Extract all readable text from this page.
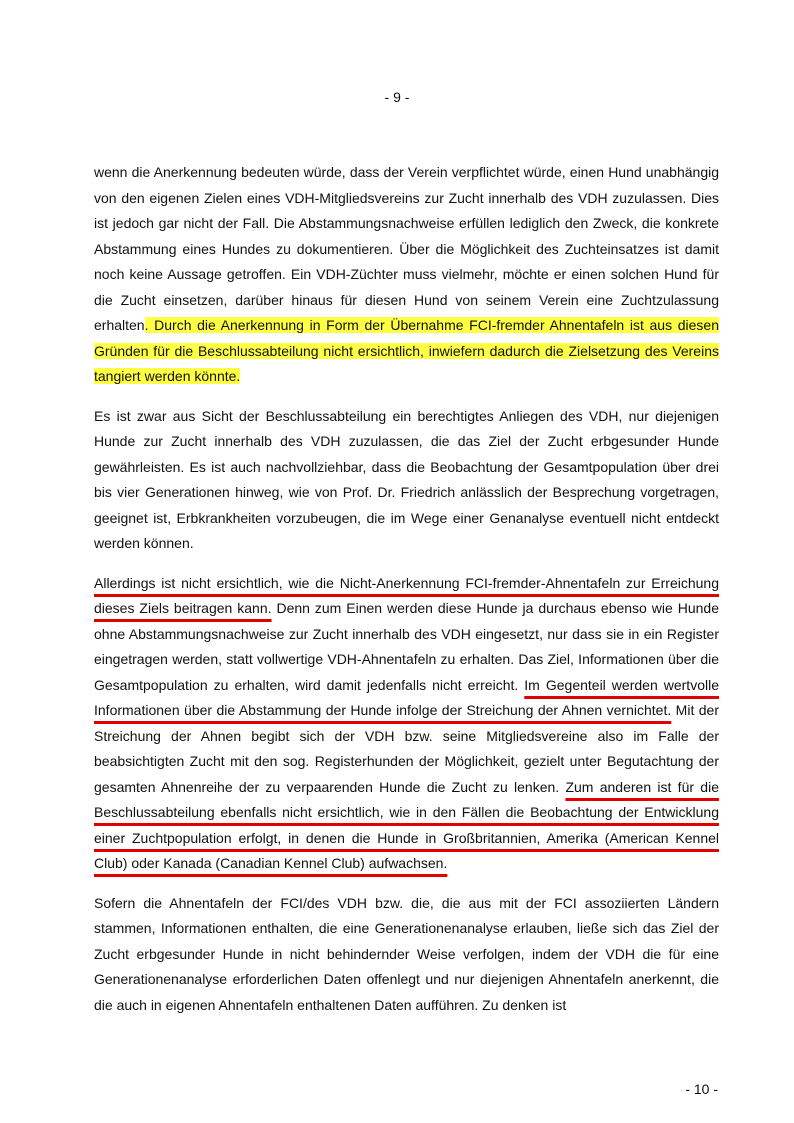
- 9 -

wenn die Anerkennung bedeuten würde, dass der Verein verpflichtet würde, einen Hund unabhängig von den eigenen Zielen eines VDH-Mitgliedsvereins zur Zucht innerhalb des VDH zuzulassen. Dies ist jedoch gar nicht der Fall. Die Abstammungsnachweise erfüllen lediglich den Zweck, die konkrete Abstammung eines Hundes zu dokumentieren. Über die Möglichkeit des Zuchteinsatzes ist damit noch keine Aussage getroffen. Ein VDH-Züchter muss vielmehr, möchte er einen solchen Hund für die Zucht einsetzen, darüber hinaus für diesen Hund von seinem Verein eine Zuchtzulassung erhalten. Durch die Anerkennung in Form der Übernahme FCI-fremder Ahnentafeln ist aus diesen Gründen für die Beschlussabteilung nicht ersichtlich, inwiefern dadurch die Zielsetzung des Vereins tangiert werden könnte.

Es ist zwar aus Sicht der Beschlussabteilung ein berechtigtes Anliegen des VDH, nur diejenigen Hunde zur Zucht innerhalb des VDH zuzulassen, die das Ziel der Zucht erbgesunder Hunde gewährleisten. Es ist auch nachvollziehbar, dass die Beobachtung der Gesamtpopulation über drei bis vier Generationen hinweg, wie von Prof. Dr. Friedrich anlässlich der Besprechung vorgetragen, geeignet ist, Erbkrankheiten vorzubeugen, die im Wege einer Genanalyse eventuell nicht entdeckt werden können.

Allerdings ist nicht ersichtlich, wie die Nicht-Anerkennung FCI-fremder-Ahnentafeln zur Erreichung dieses Ziels beitragen kann. Denn zum Einen werden diese Hunde ja durchaus ebenso wie Hunde ohne Abstammungsnachweise zur Zucht innerhalb des VDH eingesetzt, nur dass sie in ein Register eingetragen werden, statt vollwertige VDH-Ahnentafeln zu erhalten. Das Ziel, Informationen über die Gesamtpopulation zu erhalten, wird damit jedenfalls nicht erreicht. Im Gegenteil werden wertvolle Informationen über die Abstammung der Hunde infolge der Streichung der Ahnen vernichtet. Mit der Streichung der Ahnen begibt sich der VDH bzw. seine Mitgliedsvereine also im Falle der beabsichtigten Zucht mit den sog. Registerhunden der Möglichkeit, gezielt unter Begutachtung der gesamten Ahnenreihe der zu verpaarenden Hunde die Zucht zu lenken. Zum anderen ist für die Beschlussabteilung ebenfalls nicht ersichtlich, wie in den Fällen die Beobachtung der Entwicklung einer Zuchtpopulation erfolgt, in denen die Hunde in Großbritannien, Amerika (American Kennel Club) oder Kanada (Canadian Kennel Club) aufwachsen.

Sofern die Ahnentafeln der FCI/des VDH bzw. die, die aus mit der FCI assoziierten Ländern stammen, Informationen enthalten, die eine Generationenanalyse erlauben, ließe sich das Ziel der Zucht erbgesunder Hunde in nicht behindernder Weise verfolgen, indem der VDH die für eine Generationenanalyse erforderlichen Daten offenlegt und nur diejenigen Ahnentafeln anerkennt, die die auch in eigenen Ahnentafeln enthaltenen Daten aufführen. Zu denken ist

- 10 -
